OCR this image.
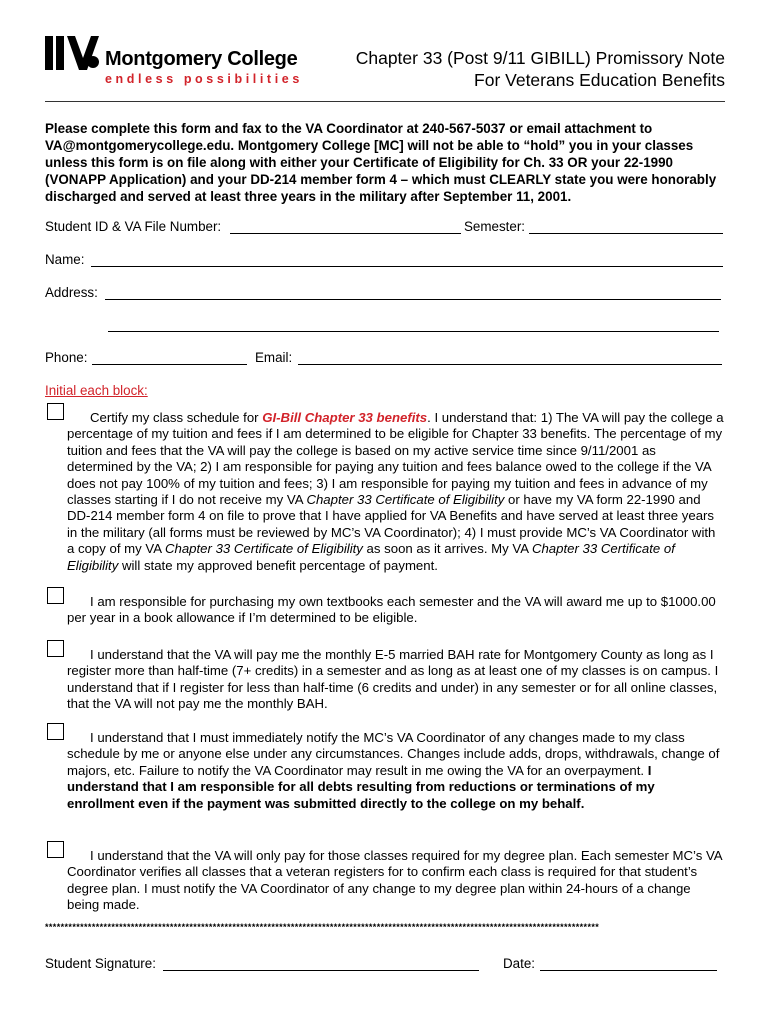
Montgomery College
endless possibilities
Chapter 33 (Post 9/11 GIBILL) Promissory Note
For Veterans Education Benefits
Please complete this form and fax to the VA Coordinator at 240-567-5037 or email attachment to VA@montgomerycollege.edu. Montgomery College [MC] will not be able to “hold” you in your classes unless this form is on file along with either your Certificate of Eligibility for Ch. 33 OR your 22-1990 (VONAPP Application) and your DD-214 member form 4 – which must CLEARLY state you were honorably discharged and served at least three years in the military after September 11, 2001.
Student ID & VA File Number:	Semester:
Name:
Address:
Phone:	Email:
Initial each block:
Certify my class schedule for GI-Bill Chapter 33 benefits. I understand that: 1) The VA will pay the college a percentage of my tuition and fees if I am determined to be eligible for Chapter 33 benefits. The percentage of my tuition and fees that the VA will pay the college is based on my active service time since 9/11/2001 as determined by the VA; 2) I am responsible for paying any tuition and fees balance owed to the college if the VA does not pay 100% of my tuition and fees; 3) I am responsible for paying my tuition and fees in advance of my classes starting if I do not receive my VA Chapter 33 Certificate of Eligibility or have my VA form 22-1990 and DD-214 member form 4 on file to prove that I have applied for VA Benefits and have served at least three years in the military (all forms must be reviewed by MC’s VA Coordinator); 4) I must provide MC’s VA Coordinator with a copy of my VA Chapter 33 Certificate of Eligibility as soon as it arrives. My VA Chapter 33 Certificate of Eligibility will state my approved benefit percentage of payment.
I am responsible for purchasing my own textbooks each semester and the VA will award me up to $1000.00 per year in a book allowance if I’m determined to be eligible.
I understand that the VA will pay me the monthly E-5 married BAH rate for Montgomery County as long as I register more than half-time (7+ credits) in a semester and as long as at least one of my classes is on campus. I understand that if I register for less than half-time (6 credits and under) in any semester or for all online classes, that the VA will not pay me the monthly BAH.
I understand that I must immediately notify the MC’s VA Coordinator of any changes made to my class schedule by me or anyone else under any circumstances. Changes include adds, drops, withdrawals, change of majors, etc. Failure to notify the VA Coordinator may result in me owing the VA for an overpayment. I understand that I am responsible for all debts resulting from reductions or terminations of my enrollment even if the payment was submitted directly to the college on my behalf.
I understand that the VA will only pay for those classes required for my degree plan. Each semester MC’s VA Coordinator verifies all classes that a veteran registers for to confirm each class is required for that student’s degree plan. I must notify the VA Coordinator of any change to my degree plan within 24-hours of a change being made.
**********************************************************************************************************************************************
Student Signature:	Date:
